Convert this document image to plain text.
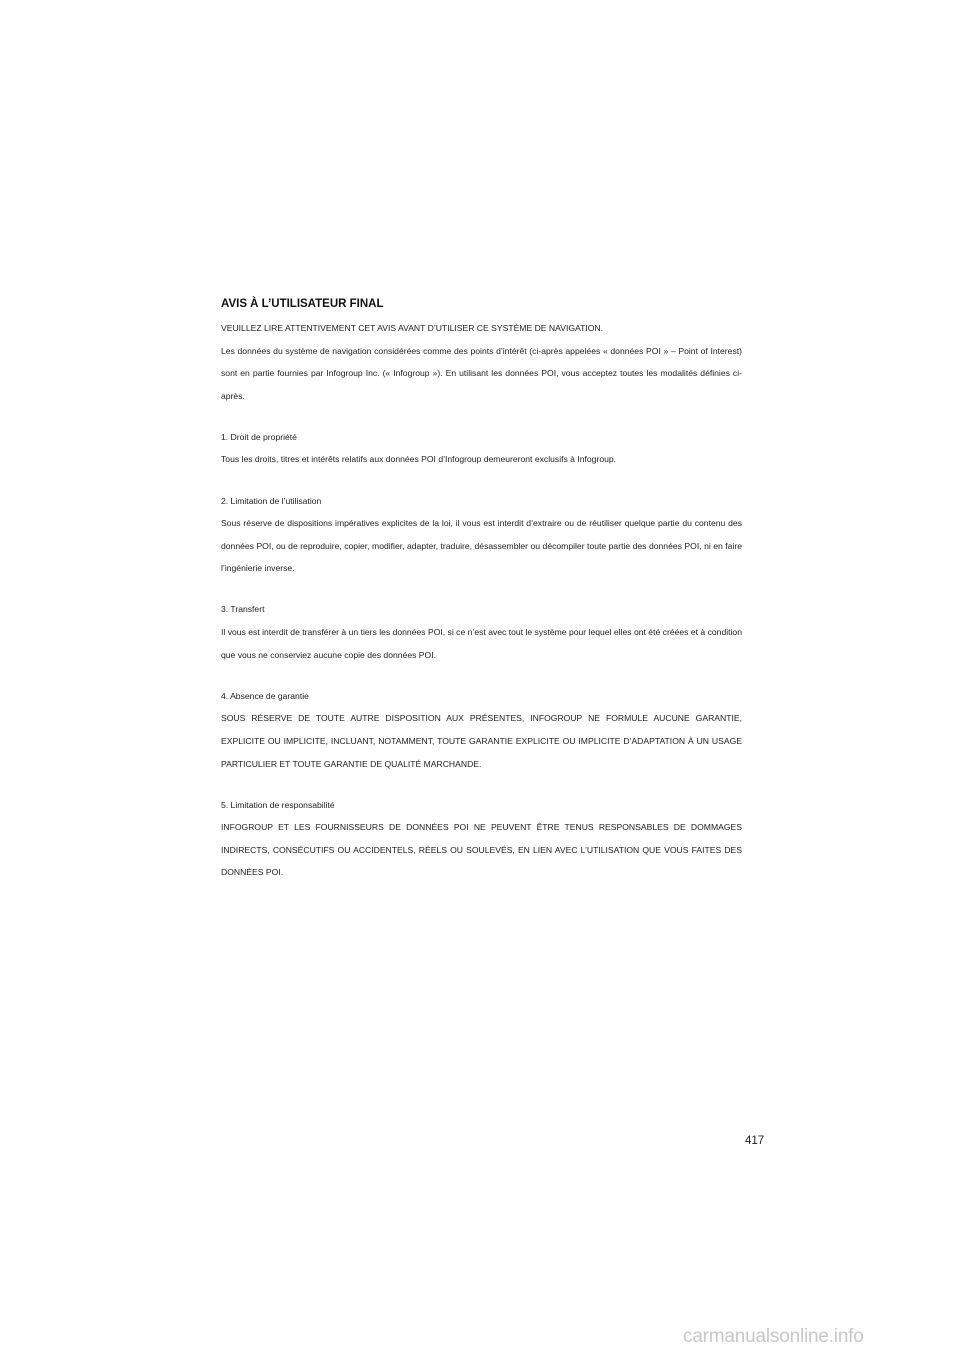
AVIS À L’UTILISATEUR FINAL

VEUILLEZ LIRE ATTENTIVEMENT CET AVIS AVANT D’UTILISER CE SYSTÈME DE NAVIGATION.

Les données du système de navigation considérées comme des points d’intérêt (ci-après appelées « données POI » – Point of Interest) sont en partie fournies par Infogroup Inc. (« Infogroup »). En utilisant les données POI, vous acceptez toutes les modalités définies ci-après.

1. Droit de propriété

Tous les droits, titres et intérêts relatifs aux données POI d’Infogroup demeureront exclusifs à Infogroup.

2. Limitation de l’utilisation

Sous réserve de dispositions impératives explicites de la loi, il vous est interdit d’extraire ou de réutiliser quelque partie du contenu des données POI, ou de reproduire, copier, modifier, adapter, traduire, désassembler ou décompiler toute partie des données POI, ni en faire l’ingénierie inverse.

3. Transfert

Il vous est interdit de transférer à un tiers les données POI, si ce n’est avec tout le système pour lequel elles ont été créées et à condition que vous ne conserviez aucune copie des données POI.

4. Absence de garantie

SOUS RÉSERVE DE TOUTE AUTRE DISPOSITION AUX PRÉSENTES, INFOGROUP NE FORMULE AUCUNE GARANTIE, EXPLICITE OU IMPLICITE, INCLUANT, NOTAMMENT, TOUTE GARANTIE EXPLICITE OU IMPLICITE D’ADAPTATION À UN USAGE PARTICULIER ET TOUTE GARANTIE DE QUALITÉ MARCHANDE.

5. Limitation de responsabilité

INFOGROUP ET LES FOURNISSEURS DE DONNÉES POI NE PEUVENT ÊTRE TENUS RESPONSABLES DE DOMMAGES INDIRECTS, CONSÉCUTIFS OU ACCIDENTELS, RÉELS OU SOULEVÉS, EN LIEN AVEC L’UTILISATION QUE VOUS FAITES DES DONNÉES POI.

417
carmanualsonline.info
